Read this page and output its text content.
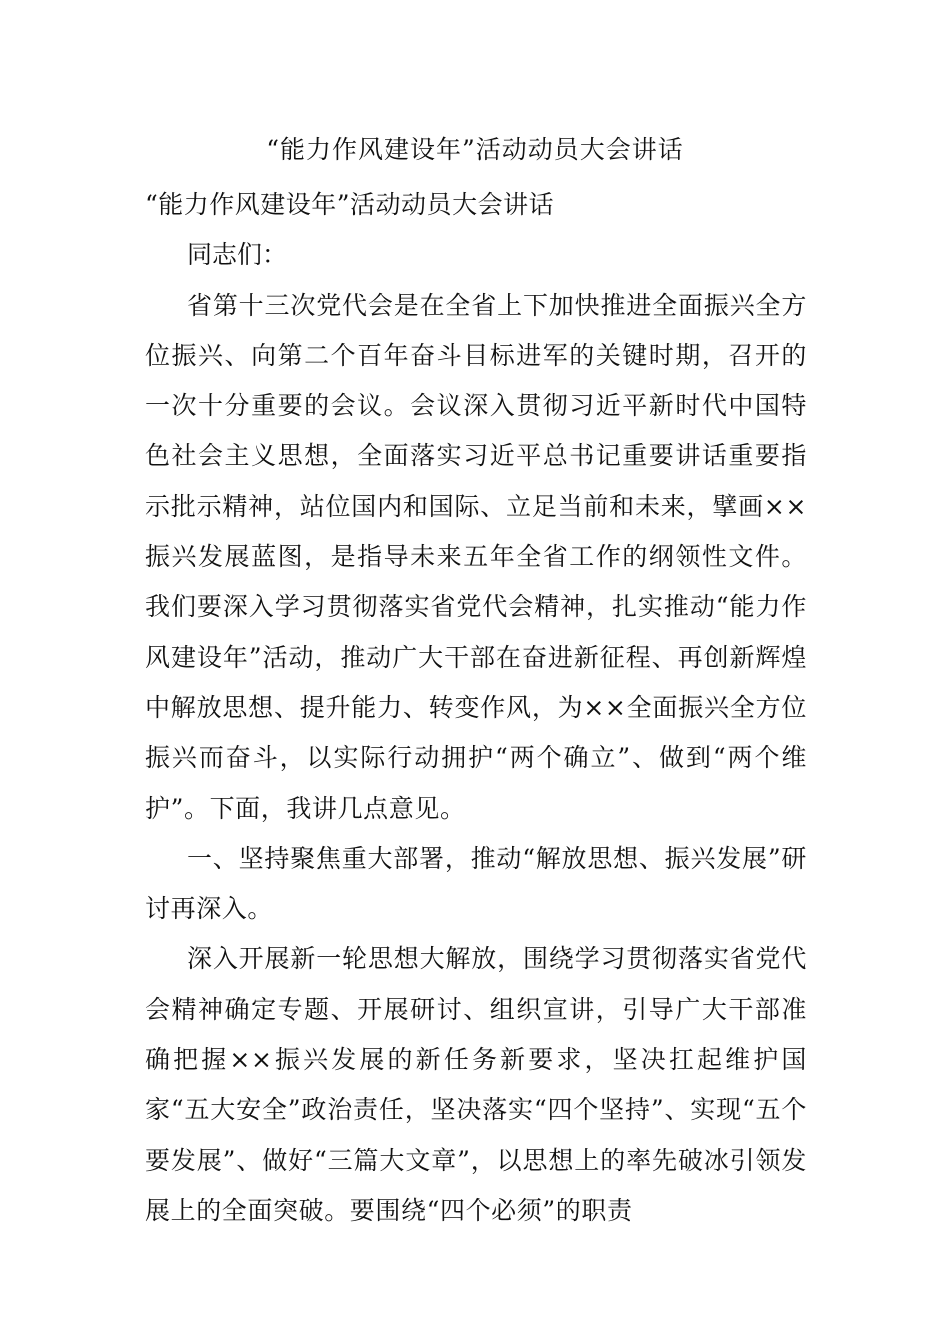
“能力作风建设年”活动动员大会讲话

“能力作风建设年”活动动员大会讲话

同志们：

省第十三次党代会是在全省上下加快推进全面振兴全方位振兴、向第二个百年奋斗目标进军的关键时期，召开的一次十分重要的会议。会议深入贯彻习近平新时代中国特色社会主义思想，全面落实习近平总书记重要讲话重要指示批示精神，站位国内和国际、立足当前和未来，擘画××振兴发展蓝图，是指导未来五年全省工作的纲领性文件。我们要深入学习贯彻落实省党代会精神，扎实推动“能力作风建设年”活动，推动广大干部在奋进新征程、再创新辉煌中解放思想、提升能力、转变作风，为××全面振兴全方位振兴而奋斗，以实际行动拥护“两个确立”、做到“两个维护”。下面，我讲几点意见。

一、坚持聚焦重大部署，推动“解放思想、振兴发展”研讨再深入。

深入开展新一轮思想大解放，围绕学习贯彻落实省党代会精神确定专题、开展研讨、组织宣讲，引导广大干部准确把握××振兴发展的新任务新要求，坚决扛起维护国家“五大安全”政治责任，坚决落实“四个坚持”、实现“五个要发展”、做好“三篇大文章”，以思想上的率先破冰引领发展上的全面突破。要围绕“四个必须”的职责
